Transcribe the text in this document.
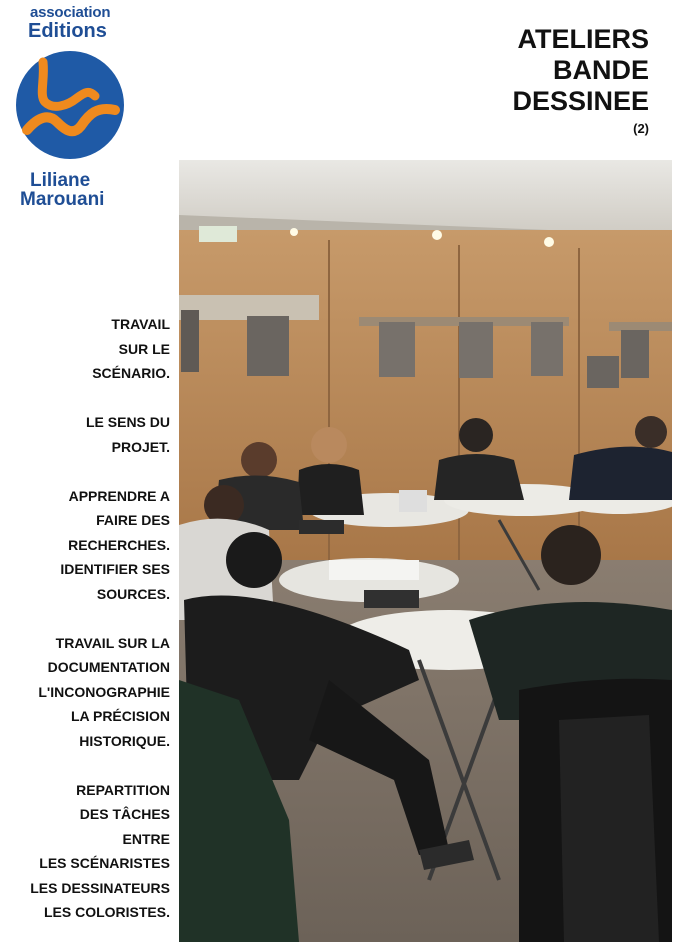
association
Editions
Liliane
Marouani
ATELIERS
BANDE
DESSINEE
(2)
TRAVAIL
SUR LE
SCÉNARIO.
LE SENS DU
PROJET.
APPRENDRE A
FAIRE DES
RECHERCHES.
IDENTIFIER SES
SOURCES.
TRAVAIL SUR LA
DOCUMENTATION
L'INCONOGRAPHIE
LA PRÉCISION
HISTORIQUE.
REPARTITION
DES TÂCHES
ENTRE
LES SCÉNARISTES
LES DESSINATEURS
LES COLORISTES.
